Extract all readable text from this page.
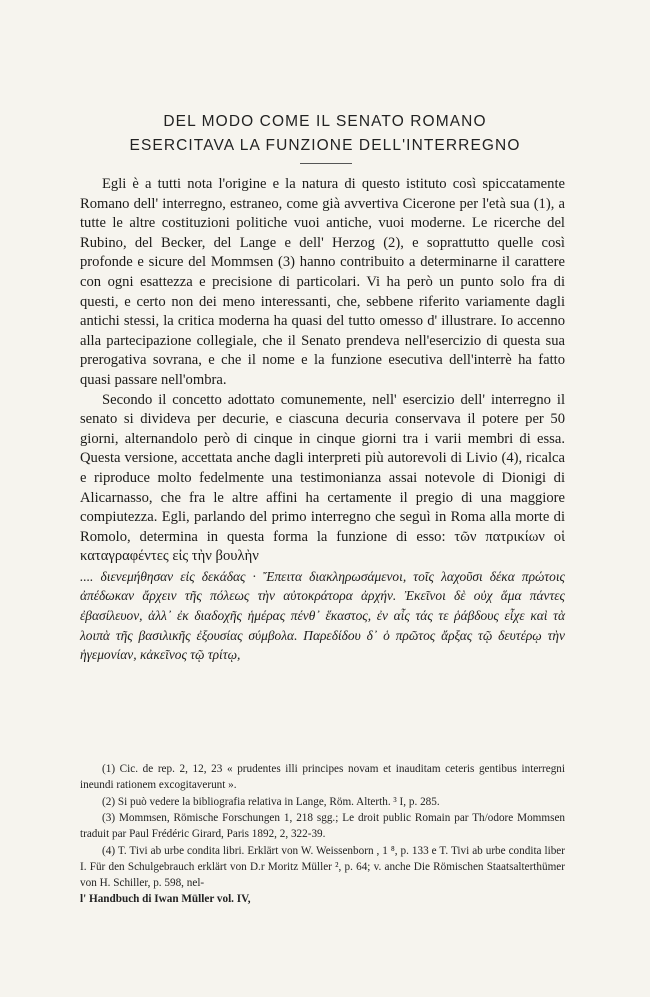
DEL MODO COME IL SENATO ROMANO
ESERCITAVA LA FUNZIONE DELL'INTERREGNO

Egli è a tutti nota l'origine e la natura di questo istituto così spiccatamente Romano dell' interregno, estraneo, come già avvertiva Cicerone per l'età sua (1), a tutte le altre costituzioni politiche vuoi antiche, vuoi moderne. Le ricerche del Rubino, del Becker, del Lange e dell' Herzog (2), e soprattutto quelle così profonde e sicure del Mommsen (3) hanno contribuito a determinarne il carattere con ogni esattezza e precisione di particolari. Vi ha però un punto solo fra di questi, e certo non dei meno interessanti, che, sebbene riferito variamente dagli antichi stessi, la critica moderna ha quasi del tutto omesso d' illustrare. Io accenno alla partecipazione collegiale, che il Senato prendeva nell'esercizio di questa sua prerogativa sovrana, e che il nome e la funzione esecutiva dell'interrè ha fatto quasi passare nell'ombra.

Secondo il concetto adottato comunemente, nell' esercizio dell' interregno il senato si divideva per decurie, e ciascuna decuria conservava il potere per 50 giorni, alternandolo però di cinque in cinque giorni tra i varii membri di essa. Questa versione, accettata anche dagli interpreti più autorevoli di Livio (4), ricalca e riproduce molto fedelmente una testimonianza assai notevole di Dionigi di Alicarnasso, che fra le altre affini ha certamente il pregio di una maggiore compiutezza. Egli, parlando del primo interregno che seguì in Roma alla morte di Romolo, determina in questa forma la funzione di esso: τῶν πατρικίων οἱ καταγραφέντες εἰς τὴν βουλὴν

.... διενεμήθησαν εἰς δεκάδας · Ἔπειτα διακληρωσάμενοι, τοῖς λαχοῦσι δέκα πρώτοις ἀπέδωκαν ἄρχειν τῆς πόλεως τὴν αὐτοκράτορα ἀρχήν. Ἐκεῖνοι δὲ οὐχ ἅμα πάντες ἐβασίλευον, ἀλλ᾽ ἐκ διαδοχῆς ἡμέρας πένθ᾽ ἕκαστος, ἐν αἷς τάς τε ῥάβδους εἶχε καὶ τὰ λοιπὰ τῆς βασιλικῆς ἐξουσίας σύμβολα. Παρεδίδου δ᾽ ὁ πρῶτος ἄρξας τῷ δευτέρῳ τὴν ἡγεμονίαν, κἀκεῖνος τῷ τρίτῳ,

(1) Cic. de rep. 2, 12, 23 « prudentes illi principes novam et inauditam ceteris gentibus interregni ineundi rationem excogitaverunt ».

(2) Si può vedere la bibliografia relativa in Lange, Röm. Alterth. ³ I, p. 285.

(3) Mommsen, Römische Forschungen 1, 218 sgg.; Le droit public Romain par Th/odore Mommsen traduit par Paul Frédéric Girard, Paris 1892, 2, 322-39.

(4) T. Tivi ab urbe condita libri. Erklärt von W. Weissenborn , 1 ⁸, p. 133 e T. Tivi ab urbe condita liber I. Für den Schulgebrauch erklärt von D.r Moritz Müller ², p. 64; v. anche Die Römischen Staatsalterthümer von H. Schiller, p. 598, nel-

l' Handbuch di Iwan Müller vol. IV,
